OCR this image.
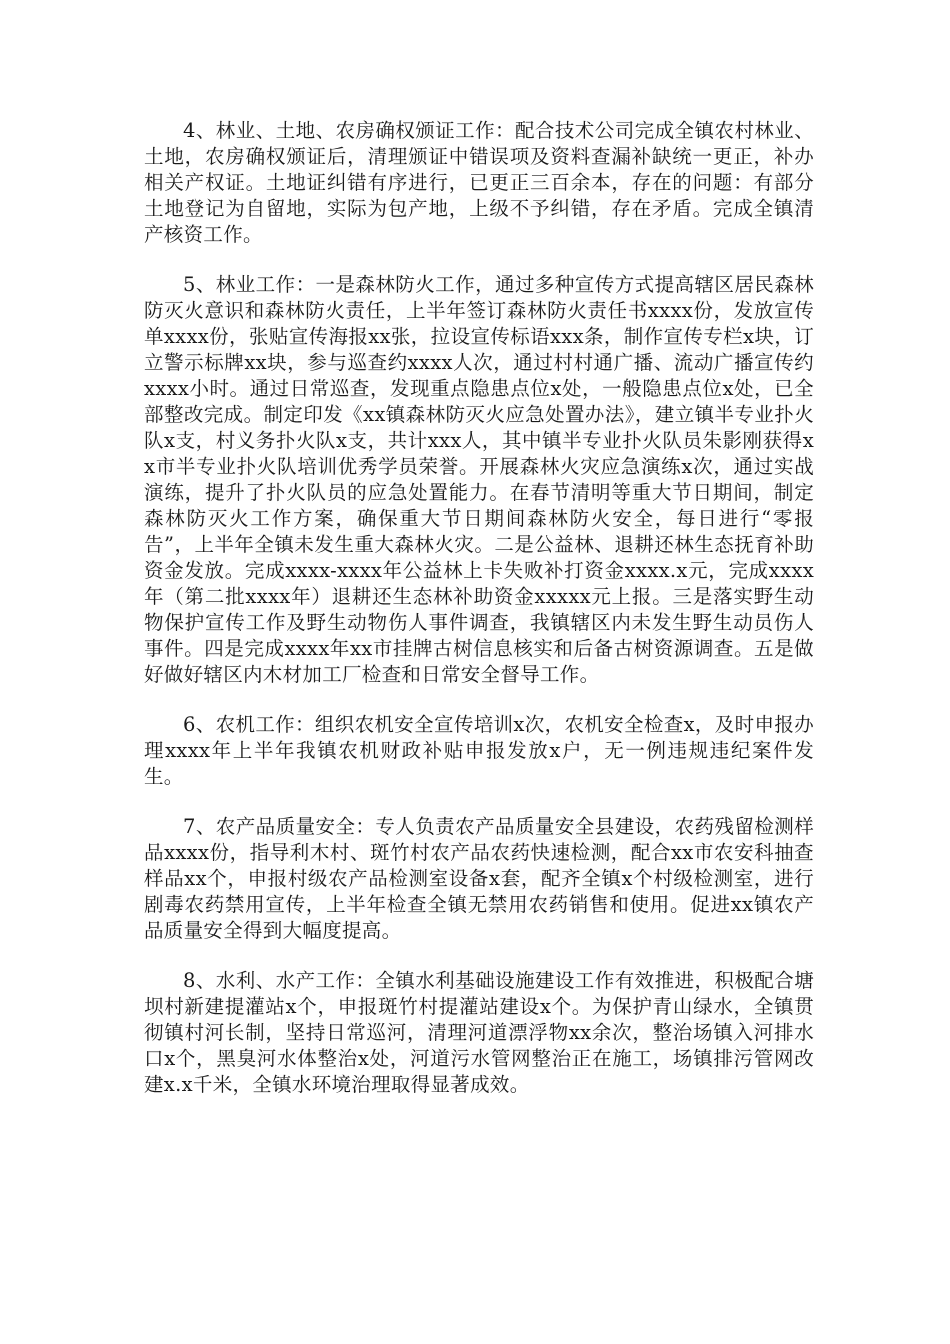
4、林业、土地、农房确权颁证工作：配合技术公司完成全镇农村林业、土地，农房确权颁证后，清理颁证中错误项及资料查漏补缺统一更正，补办相关产权证。土地证纠错有序进行，已更正三百余本，存在的问题：有部分土地登记为自留地，实际为包产地，上级不予纠错，存在矛盾。完成全镇清产核资工作。

5、林业工作：一是森林防火工作，通过多种宣传方式提高辖区居民森林防灭火意识和森林防火责任，上半年签订森林防火责任书xxxx份，发放宣传单xxxx份，张贴宣传海报xx张，拉设宣传标语xxx条，制作宣传专栏x块，订立警示标牌xx块，参与巡查约xxxx人次，通过村村通广播、流动广播宣传约xxxx小时。通过日常巡查，发现重点隐患点位x处，一般隐患点位x处，已全部整改完成。制定印发《xx镇森林防灭火应急处置办法》，建立镇半专业扑火队x支，村义务扑火队x支，共计xxx人，其中镇半专业扑火队员朱影刚获得xx市半专业扑火队培训优秀学员荣誉。开展森林火灾应急演练x次，通过实战演练，提升了扑火队员的应急处置能力。在春节清明等重大节日期间，制定森林防灭火工作方案，确保重大节日期间森林防火安全，每日进行“零报告”，上半年全镇未发生重大森林火灾。二是公益林、退耕还林生态抚育补助资金发放。完成xxxx-xxxx年公益林上卡失败补打资金xxxx.x元，完成xxxx年（第二批xxxx年）退耕还生态林补助资金xxxxx元上报。三是落实野生动物保护宣传工作及野生动物伤人事件调查，我镇辖区内未发生野生动员伤人事件。四是完成xxxx年xx市挂牌古树信息核实和后备古树资源调查。五是做好做好辖区内木材加工厂检查和日常安全督导工作。

6、农机工作：组织农机安全宣传培训x次，农机安全检查x，及时申报办理xxxx年上半年我镇农机财政补贴申报发放x户，无一例违规违纪案件发生。

7、农产品质量安全：专人负责农产品质量安全县建设，农药残留检测样品xxxx份，指导利木村、斑竹村农产品农药快速检测，配合xx市农安科抽查样品xx个，申报村级农产品检测室设备x套，配齐全镇x个村级检测室，进行剧毒农药禁用宣传，上半年检查全镇无禁用农药销售和使用。促进xx镇农产品质量安全得到大幅度提高。

8、水利、水产工作：全镇水利基础设施建设工作有效推进，积极配合塘坝村新建提灌站x个，申报斑竹村提灌站建设x个。为保护青山绿水，全镇贯彻镇村河长制，坚持日常巡河，清理河道漂浮物xx余次，整治场镇入河排水口x个，黑臭河水体整治x处，河道污水管网整治正在施工，场镇排污管网改建x.x千米，全镇水环境治理取得显著成效。
